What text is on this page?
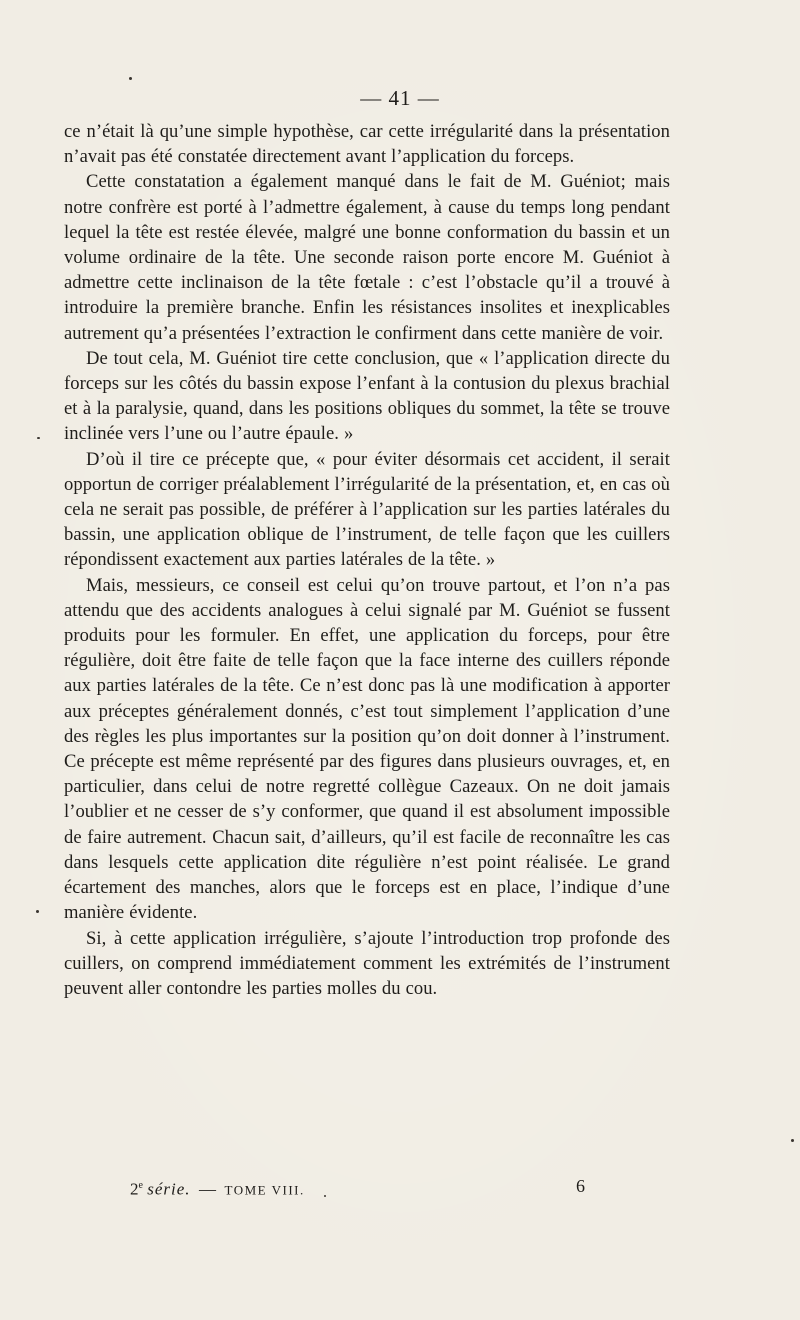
— 41 —

ce n’était là qu’une simple hypothèse, car cette irrégularité dans la présentation n’avait pas été constatée directement avant l’application du forceps.

Cette constatation a également manqué dans le fait de M. Guéniot; mais notre confrère est porté à l’admettre également, à cause du temps long pendant lequel la tête est restée élevée, malgré une bonne conformation du bassin et un volume ordinaire de la tête. Une seconde raison porte encore M. Guéniot à admettre cette inclinaison de la tête fœtale : c’est l’obstacle qu’il a trouvé à introduire la première branche. Enfin les résistances insolites et inexplicables autrement qu’a présentées l’extraction le confirment dans cette manière de voir.

De tout cela, M. Guéniot tire cette conclusion, que « l’application directe du forceps sur les côtés du bassin expose l’enfant à la contusion du plexus brachial et à la paralysie, quand, dans les positions obliques du sommet, la tête se trouve inclinée vers l’une ou l’autre épaule. »

D’où il tire ce précepte que, « pour éviter désormais cet accident, il serait opportun de corriger préalablement l’irrégularité de la présentation, et, en cas où cela ne serait pas possible, de préférer à l’application sur les parties latérales du bassin, une application oblique de l’instrument, de telle façon que les cuillers répondissent exactement aux parties latérales de la tête. »

Mais, messieurs, ce conseil est celui qu’on trouve partout, et l’on n’a pas attendu que des accidents analogues à celui signalé par M. Guéniot se fussent produits pour les formuler. En effet, une application du forceps, pour être régulière, doit être faite de telle façon que la face interne des cuillers réponde aux parties latérales de la tête. Ce n’est donc pas là une modification à apporter aux préceptes généralement donnés, c’est tout simplement l’application d’une des règles les plus importantes sur la position qu’on doit donner à l’instrument. Ce précepte est même représenté par des figures dans plusieurs ouvrages, et, en particulier, dans celui de notre regretté collègue Cazeaux. On ne doit jamais l’oublier et ne cesser de s’y conformer, que quand il est absolument impossible de faire autrement. Chacun sait, d’ailleurs, qu’il est facile de reconnaître les cas dans lesquels cette application dite régulière n’est point réalisée. Le grand écartement des manches, alors que le forceps est en place, l’indique d’une manière évidente.

Si, à cette application irrégulière, s’ajoute l’introduction trop profonde des cuillers, on comprend immédiatement comment les extrémités de l’instrument peuvent aller contondre les parties molles du cou.

2e série. — TOME VIII.	6
